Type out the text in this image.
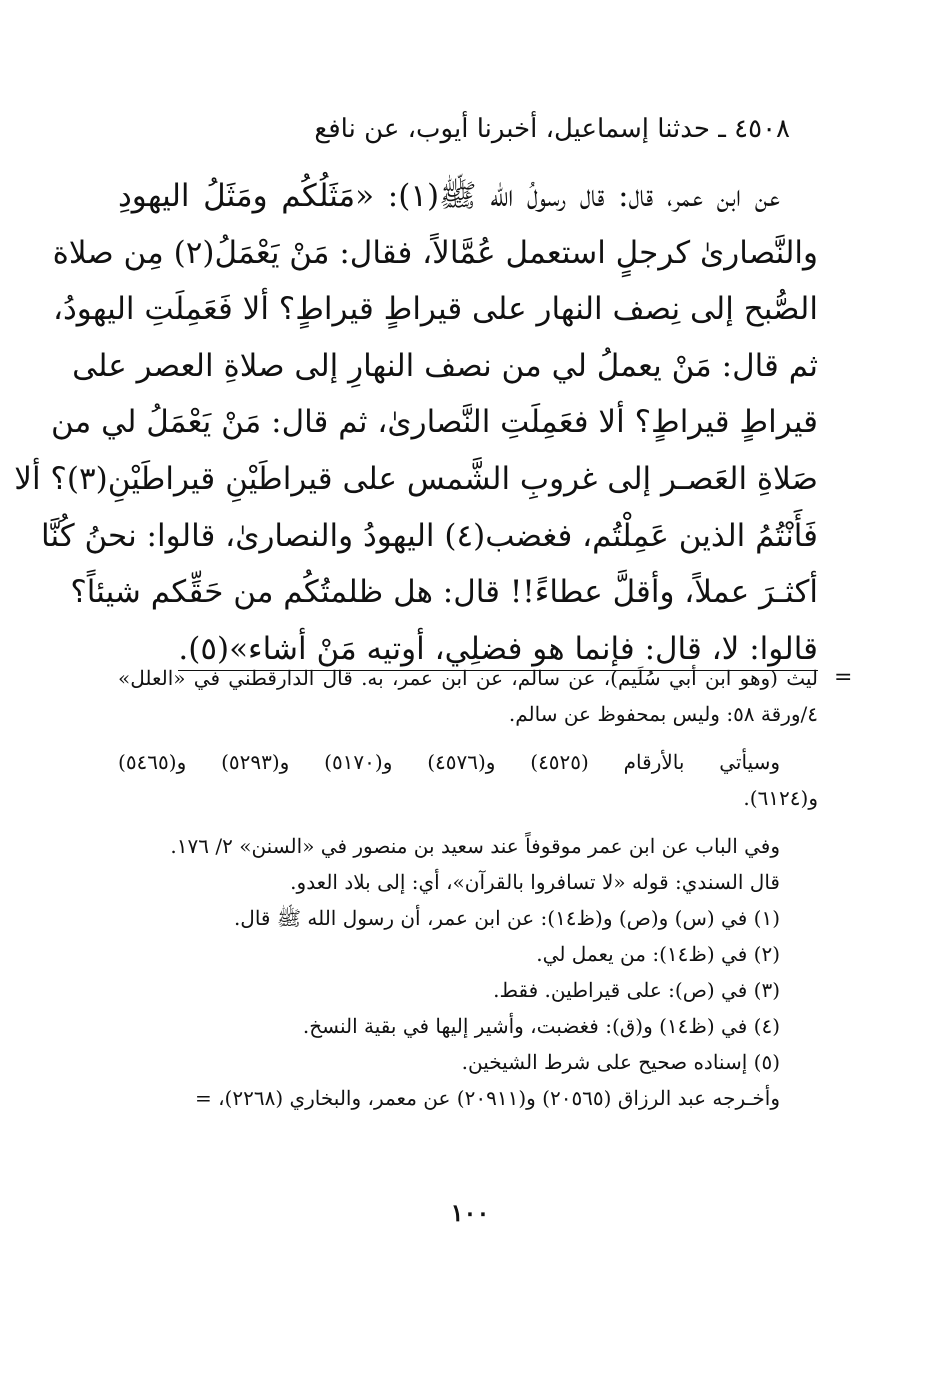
٤٥٠٨ ـ حدثنا إسماعيل، أخبرنا أيوب، عن نافع
عن ابن عمر، قال: قال رسولُ الله ﷺ(١): «مَثَلُكُم ومَثَلُ اليهودِ
والنَّصارىٰ كرجلٍ استعمل عُمَّالاً، فقال: مَنْ يَعْمَلُ(٢) مِن صلاة
الصُّبح إلى نِصف النهار على قيراطٍ قيراطٍ؟ ألا فَعَمِلَتِ اليهودُ،
ثم قال: مَنْ يعملُ لي من نصف النهارِ إلى صلاةِ العصر على
قيراطٍ قيراطٍ؟ ألا فعَمِلَتِ النَّصارىٰ، ثم قال: مَنْ يَعْمَلُ لي من
صَلاةِ العَصـر إلى غروبِ الشَّمس على قيراطَيْنِ قيراطَيْنِ(٣)؟ ألا
فَأَنْتُمُ الذين عَمِلْتُم، فغضب(٤) اليهودُ والنصارىٰ، قالوا: نحنُ كُنَّا
أكثـرَ عملاً، وأقلَّ عطاءً!! قال: هل ظلمتُكُم من حَقِّكم شيئاً؟
قالوا: لا، قال: فإنما هو فضلِي، أوتيه مَنْ أشاء»(٥).
=
ليث (وهو ابن أبي سُلَيم)، عن سالم، عن ابن عمر، به. قال الدارقطني في «العلل»
٤/ورقة ٥٨: وليس بمحفوظ عن سالم.
وسيأتي بالأرقام (٤٥٢٥) و(٤٥٧٦) و(٥١٧٠) و(٥٢٩٣) و(٥٤٦٥)
و(٦١٢٤).
وفي الباب عن ابن عمر موقوفاً عند سعيد بن منصور في «السنن» ٢/ ١٧٦.
قال السندي: قوله «لا تسافروا بالقرآن»، أي: إلى بلاد العدو.
(١) في (س) و(ص) و(ظ١٤): عن ابن عمر، أن رسول الله ﷺ قال.
(٢) في (ظ١٤): من يعمل لي.
(٣) في (ص): على قيراطين. فقط.
(٤) في (ظ١٤) و(ق): فغضبت، وأشير إليها في بقية النسخ.
(٥) إسناده صحيح على شرط الشيخين.
وأخـرجه عبد الرزاق (٢٠٥٦٥) و(٢٠٩١١) عن معمر، والبخاري (٢٢٦٨)، =
١٠٠
